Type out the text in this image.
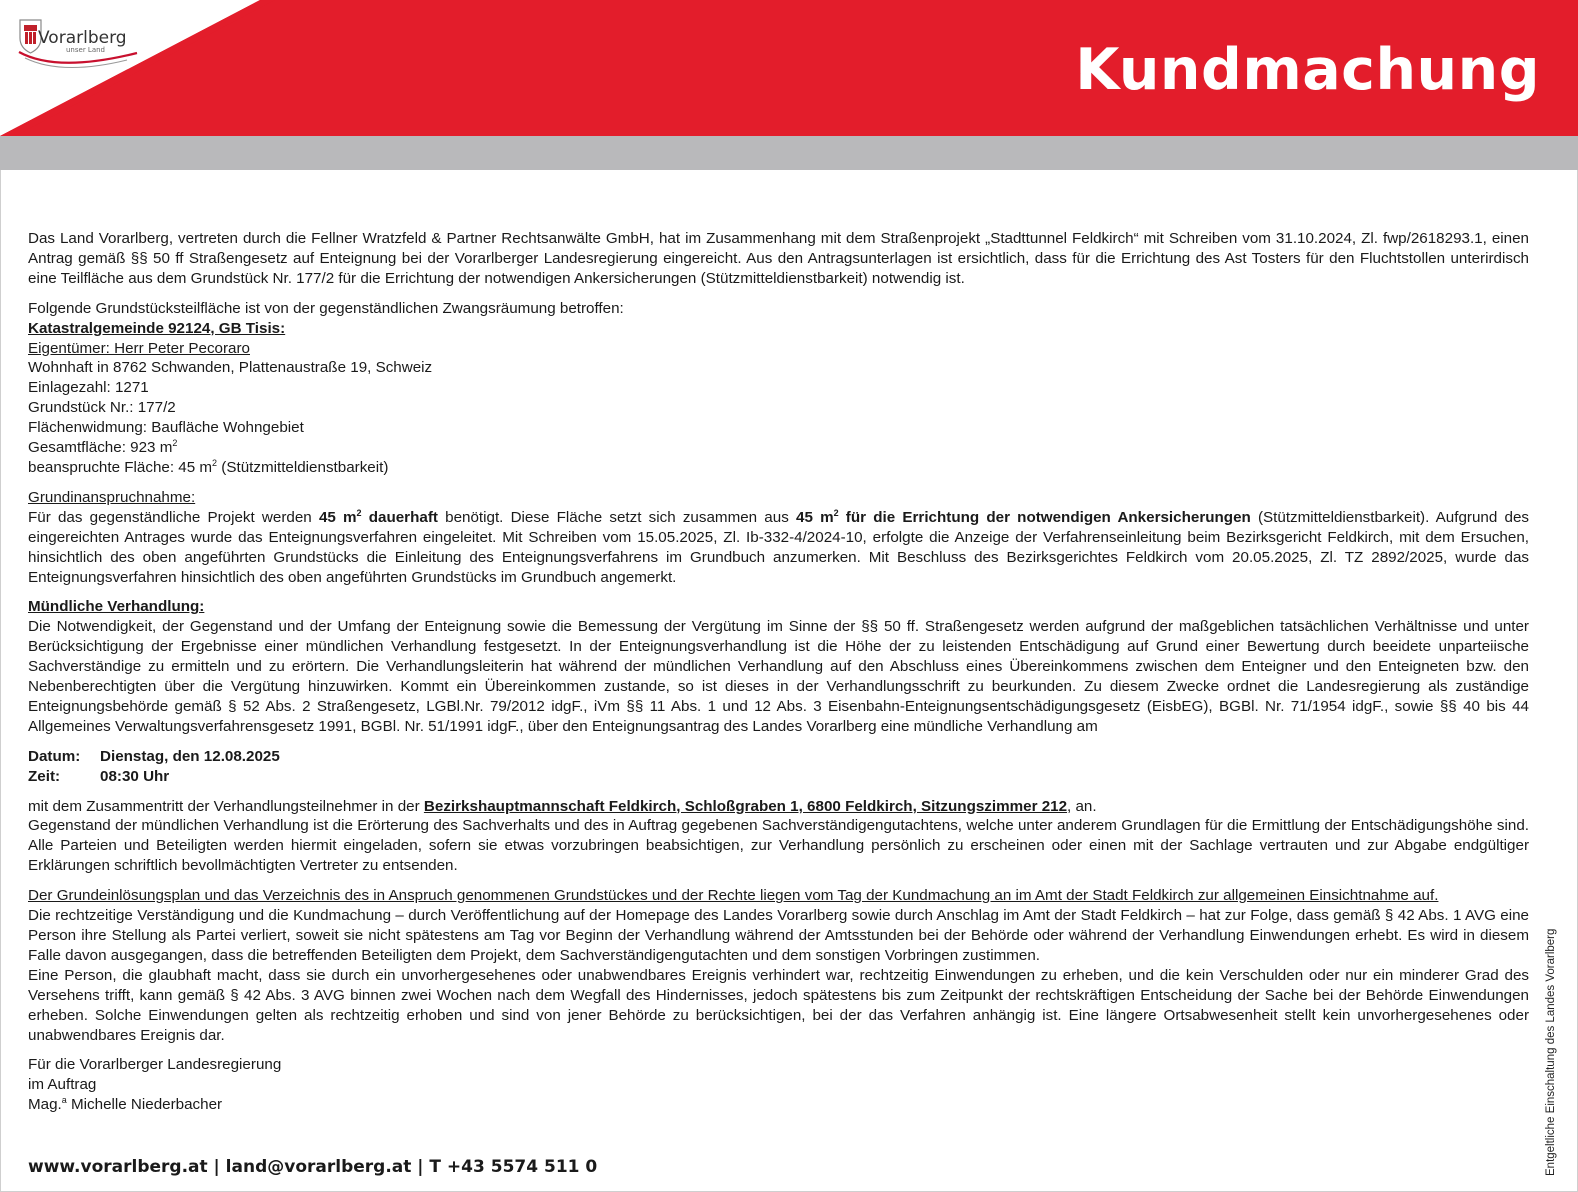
Vorarlberg
unser Land	Kundmachung

Das Land Vorarlberg, vertreten durch die Fellner Wratzfeld & Partner Rechtsanwälte GmbH, hat im Zusammenhang mit dem Straßenprojekt „Stadttunnel Feldkirch“ mit Schreiben vom 31.10.2024, Zl. fwp/2618293.1, einen Antrag gemäß §§ 50 ff Straßengesetz auf Enteignung bei der Vorarlberger Landesregierung eingereicht. Aus den Antragsunterlagen ist ersichtlich, dass für die Errichtung des Ast Tosters für den Fluchtstollen unterirdisch eine Teilfläche aus dem Grundstück Nr. 177/2 für die Errichtung der notwendigen Ankersicherungen (Stützmitteldienstbarkeit) notwendig ist.

Folgende Grundstücksteilfläche ist von der gegenständlichen Zwangsräumung betroffen:

Katastralgemeinde 92124, GB Tisis:

Eigentümer: Herr Peter Pecoraro

Wohnhaft in 8762 Schwanden, Plattenaustraße 19, Schweiz

Einlagezahl: 1271

Grundstück Nr.: 177/2

Flächenwidmung: Baufläche Wohngebiet

Gesamtfläche: 923 $m^2$

beanspruchte Fläche: 45 $m^2$ (Stützmitteldienstbarkeit)

Grundinanspruchnahme:

Für das gegenständliche Projekt werden 45 $m^2$ dauerhaft benötigt. Diese Fläche setzt sich zusammen aus 45 $m^2$ für die Errichtung der notwendigen Ankersicherungen (Stützmitteldienstbarkeit). Aufgrund des eingereichten Antrages wurde das Enteignungsverfahren eingeleitet. Mit Schreiben vom 15.05.2025, Zl. Ib-332-4/2024-10, erfolgte die Anzeige der Verfahrenseinleitung beim Bezirksgericht Feldkirch, mit dem Ersuchen, hinsichtlich des oben angeführten Grundstücks die Einleitung des Enteignungsverfahrens im Grundbuch anzumerken. Mit Beschluss des Bezirksgerichtes Feldkirch vom 20.05.2025, Zl. TZ 2892/2025, wurde das Enteignungsverfahren hinsichtlich des oben angeführten Grundstücks im Grundbuch angemerkt.

Mündliche Verhandlung:

Die Notwendigkeit, der Gegenstand und der Umfang der Enteignung sowie die Bemessung der Vergütung im Sinne der §§ 50 ff. Straßengesetz werden aufgrund der maßgeblichen tatsächlichen Verhältnisse und unter Berücksichtigung der Ergebnisse einer mündlichen Verhandlung festgesetzt. In der Enteignungsverhandlung ist die Höhe der zu leistenden Entschädigung auf Grund einer Bewertung durch beeidete unparteiische Sachverständige zu ermitteln und zu erörtern. Die Verhandlungsleiterin hat während der mündlichen Verhandlung auf den Abschluss eines Übereinkommens zwischen dem Enteigner und den Enteigneten bzw. den Nebenberechtigten über die Vergütung hinzuwirken. Kommt ein Übereinkommen zustande, so ist dieses in der Verhandlungsschrift zu beurkunden. Zu diesem Zwecke ordnet die Landesregierung als zuständige Enteignungsbehörde gemäß § 52 Abs. 2 Straßengesetz, LGBl.Nr. 79/2012 idgF., iVm §§ 11 Abs. 1 und 12 Abs. 3 Eisenbahn-Enteignungsentschädigungsgesetz (EisbEG), BGBl. Nr. 71/1954 idgF., sowie §§ 40 bis 44 Allgemeines Verwaltungsverfahrensgesetz 1991, BGBl. Nr. 51/1991 idgF., über den Enteignungsantrag des Landes Vorarlberg eine mündliche Verhandlung am

Datum:	Dienstag, den 12.08.2025
Zeit:	08:30 Uhr

mit dem Zusammentritt der Verhandlungsteilnehmer in der Bezirkshauptmannschaft Feldkirch, Schloßgraben 1, 6800 Feldkirch, Sitzungszimmer 212, an.

Gegenstand der mündlichen Verhandlung ist die Erörterung des Sachverhalts und des in Auftrag gegebenen Sachverständigengutachtens, welche unter anderem Grundlagen für die Ermittlung der Entschädigungshöhe sind. Alle Parteien und Beteiligten werden hiermit eingeladen, sofern sie etwas vorzubringen beabsichtigen, zur Verhandlung persönlich zu erscheinen oder einen mit der Sachlage vertrauten und zur Abgabe endgültiger Erklärungen schriftlich bevollmächtigten Vertreter zu entsenden.

Der Grundeinlösungsplan und das Verzeichnis des in Anspruch genommenen Grundstückes und der Rechte liegen vom Tag der Kundmachung an im Amt der Stadt Feldkirch zur allgemeinen Einsichtnahme auf.

Die rechtzeitige Verständigung und die Kundmachung – durch Veröffentlichung auf der Homepage des Landes Vorarlberg sowie durch Anschlag im Amt der Stadt Feldkirch – hat zur Folge, dass gemäß § 42 Abs. 1 AVG eine Person ihre Stellung als Partei verliert, soweit sie nicht spätestens am Tag vor Beginn der Verhandlung während der Amtsstunden bei der Behörde oder während der Verhandlung Einwendungen erhebt. Es wird in diesem Falle davon ausgegangen, dass die betreffenden Beteiligten dem Projekt, dem Sachverständigengutachten und dem sonstigen Vorbringen zustimmen.

Eine Person, die glaubhaft macht, dass sie durch ein unvorhergesehenes oder unabwendbares Ereignis verhindert war, rechtzeitig Einwendungen zu erheben, und die kein Verschulden oder nur ein minderer Grad des Versehens trifft, kann gemäß § 42 Abs. 3 AVG binnen zwei Wochen nach dem Wegfall des Hindernisses, jedoch spätestens bis zum Zeitpunkt der rechtskräftigen Entscheidung der Sache bei der Behörde Einwendungen erheben. Solche Einwendungen gelten als rechtzeitig erhoben und sind von jener Behörde zu berücksichtigen, bei der das Verfahren anhängig ist. Eine längere Ortsabwesenheit stellt kein unvorhergesehenes oder unabwendbares Ereignis dar.

Für die Vorarlberger Landesregierung

im Auftrag

Mag.$^a$ Michelle Niederbacher

www.vorarlberg.at | land@vorarlberg.at | T +43 5574 511 0	Entgeltliche Einschaltung des Landes Vorarlberg
